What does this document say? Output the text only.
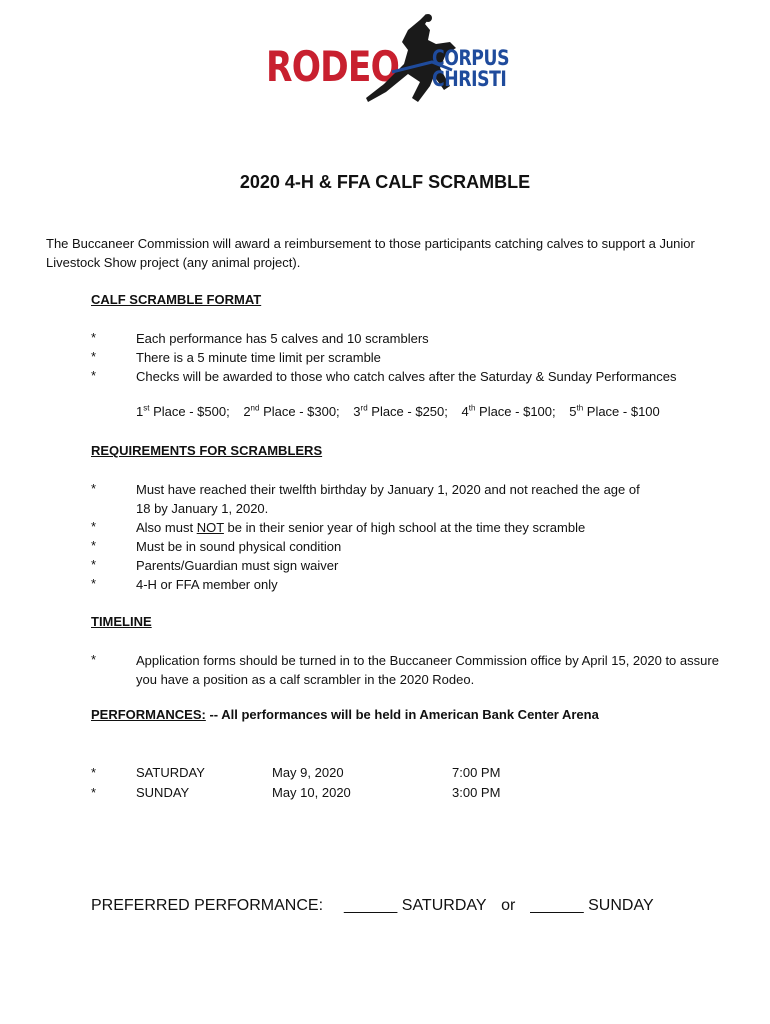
RODEO CORPUS
CHRISTI
2020 4-H & FFA CALF SCRAMBLE
The Buccaneer Commission will award a reimbursement to those participants catching calves to support a Junior Livestock Show project (any animal project).
CALF SCRAMBLE FORMAT
*	Each performance has 5 calves and 10 scramblers
*	There is a 5 minute time limit per scramble
*	Checks will be awarded to those who catch calves after the Saturday & Sunday Performances
1st Place - $500; 2nd Place - $300; 3rd Place - $250; 4th Place - $100; 5th Place - $100
REQUIREMENTS FOR SCRAMBLERS
*	Must have reached their twelfth birthday by January 1, 2020 and not reached the age of 18 by January 1, 2020.
*	Also must NOT be in their senior year of high school at the time they scramble
*	Must be in sound physical condition
*	Parents/Guardian must sign waiver
*	4-H or FFA member only
TIMELINE
*	Application forms should be turned in to the Buccaneer Commission office by April 15, 2020 to assure you have a position as a calf scrambler in the 2020 Rodeo.
PERFORMANCES: -- All performances will be held in American Bank Center Arena
*	SATURDAY	May 9, 2020	7:00 PM
*	SUNDAY	May 10, 2020	3:00 PM
PREFERRED PERFORMANCE: ______ SATURDAY or ______ SUNDAY
